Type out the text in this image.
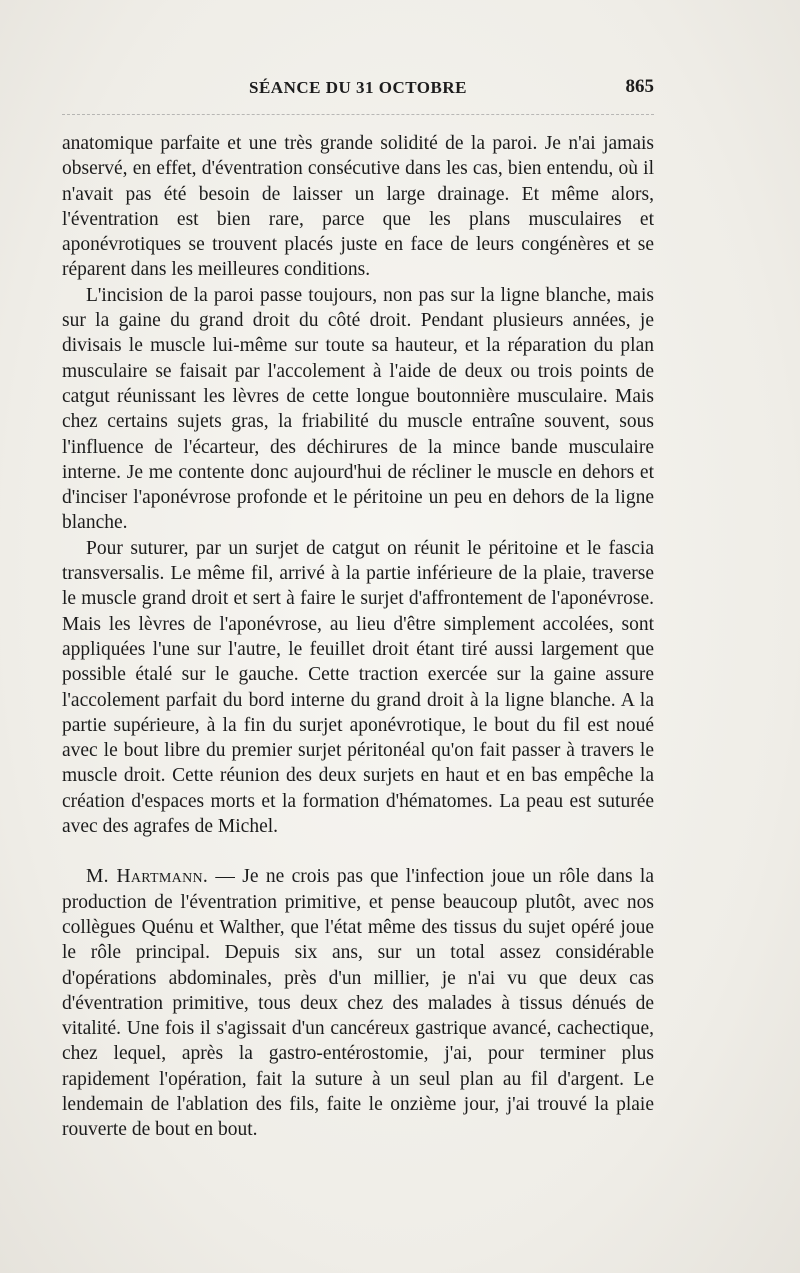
SÉANCE DU 31 OCTOBRE	865

anatomique parfaite et une très grande solidité de la paroi. Je n'ai jamais observé, en effet, d'éventration consécutive dans les cas, bien entendu, où il n'avait pas été besoin de laisser un large drainage. Et même alors, l'éventration est bien rare, parce que les plans musculaires et aponévrotiques se trouvent placés juste en face de leurs congénères et se réparent dans les meilleures conditions.

L'incision de la paroi passe toujours, non pas sur la ligne blanche, mais sur la gaine du grand droit du côté droit. Pendant plusieurs années, je divisais le muscle lui-même sur toute sa hauteur, et la réparation du plan musculaire se faisait par l'accolement à l'aide de deux ou trois points de catgut réunissant les lèvres de cette longue boutonnière musculaire. Mais chez certains sujets gras, la friabilité du muscle entraîne souvent, sous l'influence de l'écarteur, des déchirures de la mince bande musculaire interne. Je me contente donc aujourd'hui de récliner le muscle en dehors et d'inciser l'aponévrose profonde et le péritoine un peu en dehors de la ligne blanche.

Pour suturer, par un surjet de catgut on réunit le péritoine et le fascia transversalis. Le même fil, arrivé à la partie inférieure de la plaie, traverse le muscle grand droit et sert à faire le surjet d'affrontement de l'aponévrose. Mais les lèvres de l'aponévrose, au lieu d'être simplement accolées, sont appliquées l'une sur l'autre, le feuillet droit étant tiré aussi largement que possible étalé sur le gauche. Cette traction exercée sur la gaine assure l'accolement parfait du bord interne du grand droit à la ligne blanche. A la partie supérieure, à la fin du surjet aponévrotique, le bout du fil est noué avec le bout libre du premier surjet péritonéal qu'on fait passer à travers le muscle droit. Cette réunion des deux surjets en haut et en bas empêche la création d'espaces morts et la formation d'hématomes. La peau est suturée avec des agrafes de Michel.

M. Hartmann. — Je ne crois pas que l'infection joue un rôle dans la production de l'éventration primitive, et pense beaucoup plutôt, avec nos collègues Quénu et Walther, que l'état même des tissus du sujet opéré joue le rôle principal. Depuis six ans, sur un total assez considérable d'opérations abdominales, près d'un millier, je n'ai vu que deux cas d'éventration primitive, tous deux chez des malades à tissus dénués de vitalité. Une fois il s'agissait d'un cancéreux gastrique avancé, cachectique, chez lequel, après la gastro-entérostomie, j'ai, pour terminer plus rapidement l'opération, fait la suture à un seul plan au fil d'argent. Le lendemain de l'ablation des fils, faite le onzième jour, j'ai trouvé la plaie rouverte de bout en bout.
